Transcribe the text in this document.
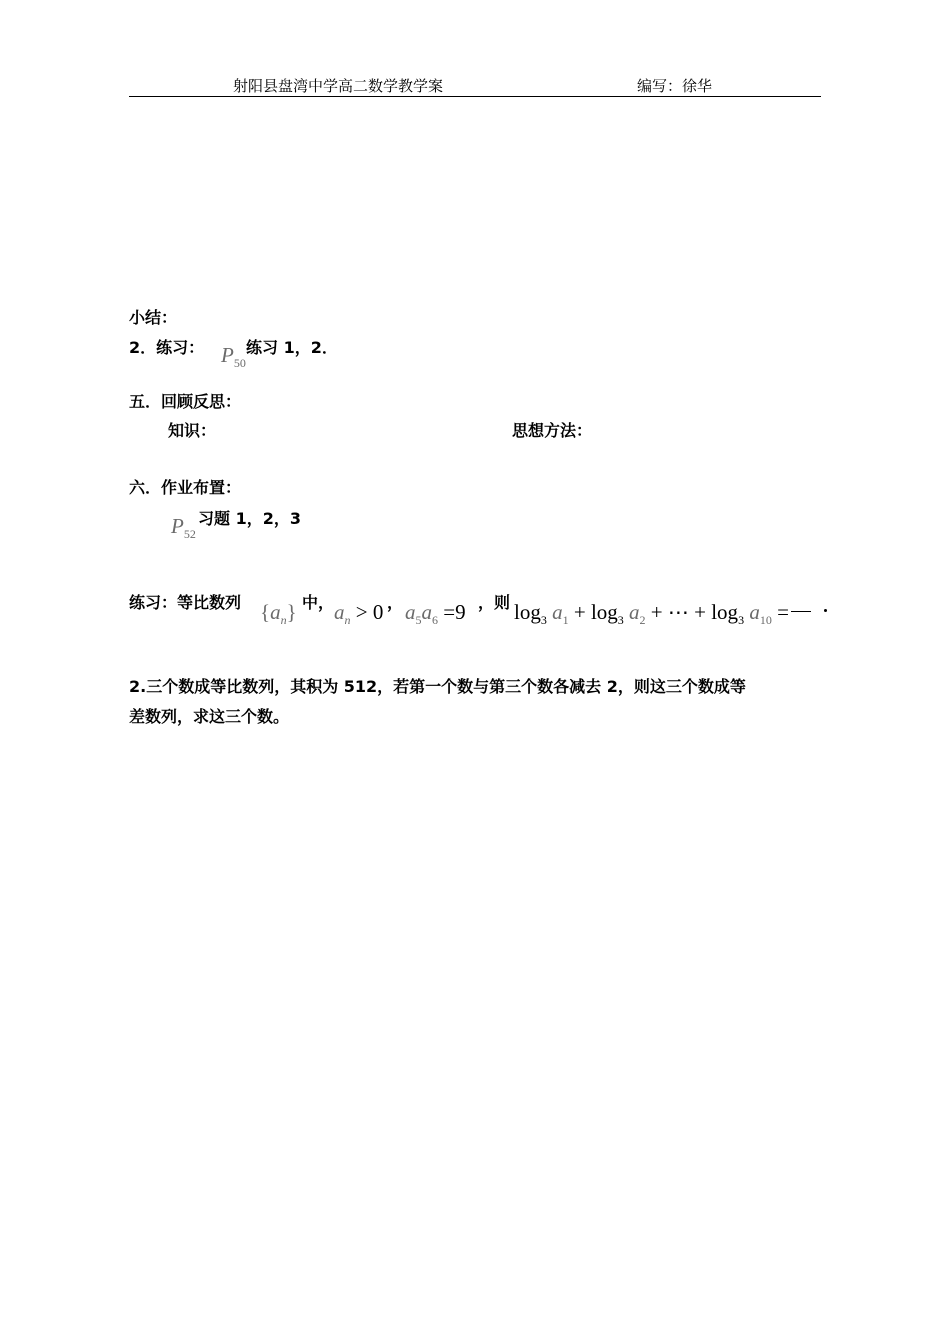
射阳县盘湾中学高二数学教学案	编写：徐华
小结：
2．练习： $P_{50}$
练习 1，2．
五．回顾反思：
知识：	思想方法：
六．作业布置：
$P_{52}$
习题 1，2，3
练习：等比数列 $\{a_n\}$ 中， $a_n > 0$ ， $a_5a_6 =9$ ，则 $\log_3 a_1 + \log_3 a_2$ + ⋯ + $\log_3 a_{10}$ =
2.三个数成等比数列，其积为 512，若第一个数与第三个数各减去 2，则这三个数成等
差数列，求这三个数。
